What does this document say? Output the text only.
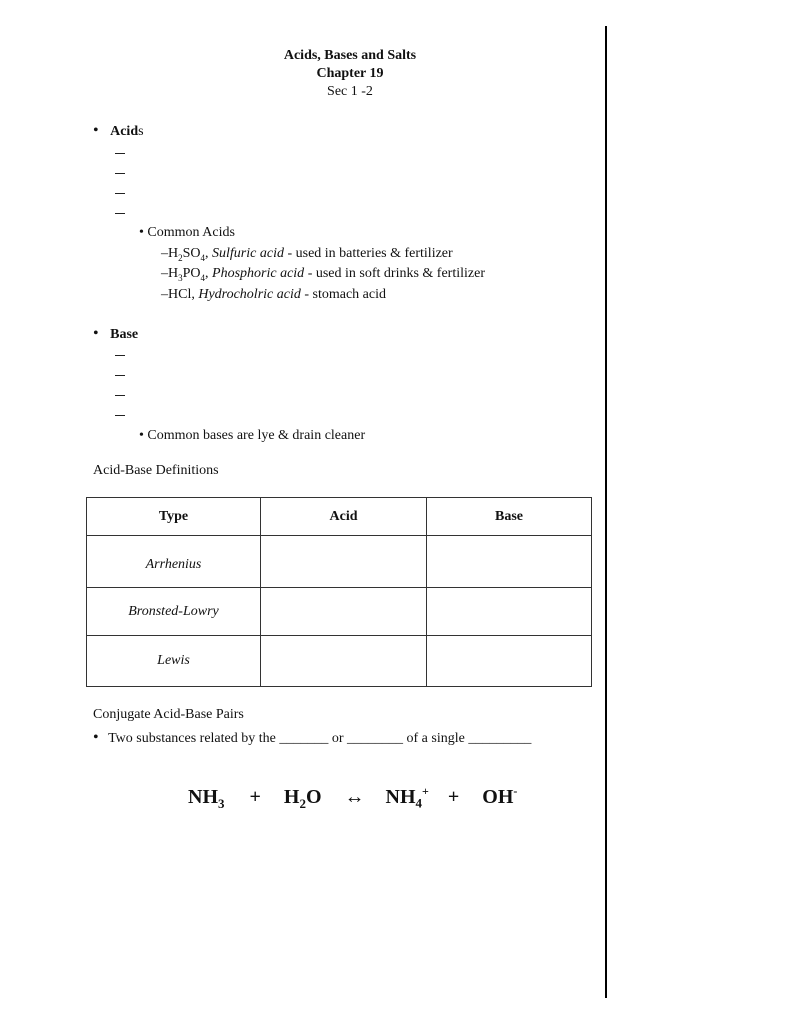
Acids, Bases and Salts
Chapter 19
Sec 1 -2
• Acids
• Common Acids
$-H_2SO_4$, Sulfuric acid - used in batteries & fertilizer
$-H_3PO_4$, Phosphoric acid - used in soft drinks & fertilizer
–HCl, Hydrocholric acid - stomach acid
• Base
• Common bases are lye & drain cleaner
Acid-Base Definitions
Type	Acid	Base
Arrhenius		
Bronsted-Lowry		
Lewis		
Conjugate Acid-Base Pairs
• Two substances related by the _______ or ________ of a single _________
$NH_3 + H_2O$ ↔ $NH_4^+ + OH^-$
